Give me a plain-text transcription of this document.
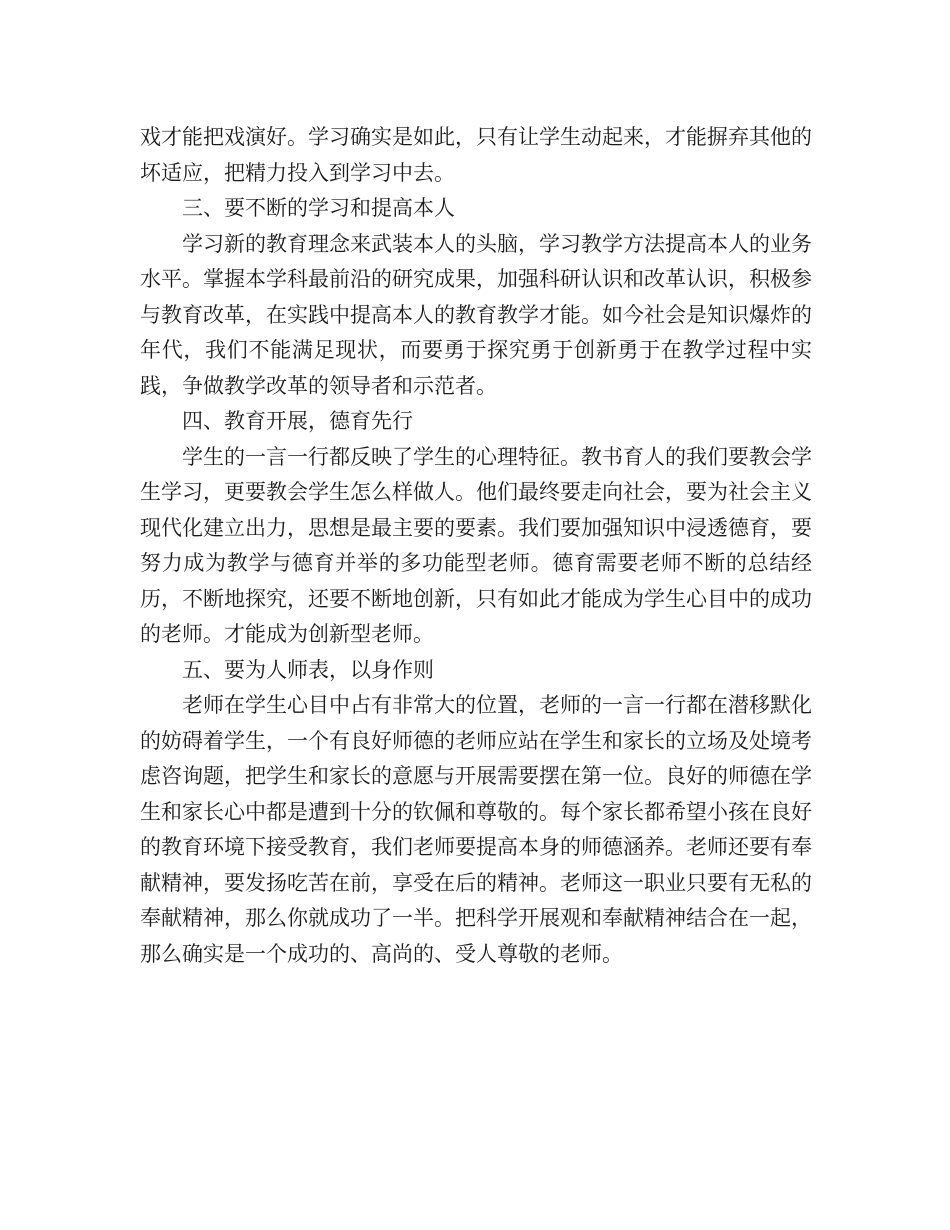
戏才能把戏演好。学习确实是如此，只有让学生动起来，才能摒弃其他的坏适应，把精力投入到学习中去。

三、要不断的学习和提高本人

学习新的教育理念来武装本人的头脑，学习教学方法提高本人的业务水平。掌握本学科最前沿的研究成果，加强科研认识和改革认识，积极参与教育改革，在实践中提高本人的教育教学才能。如今社会是知识爆炸的年代，我们不能满足现状，而要勇于探究勇于创新勇于在教学过程中实践，争做教学改革的领导者和示范者。

四、教育开展，德育先行

学生的一言一行都反映了学生的心理特征。教书育人的我们要教会学生学习，更要教会学生怎么样做人。他们最终要走向社会，要为社会主义现代化建立出力，思想是最主要的要素。我们要加强知识中浸透德育，要努力成为教学与德育并举的多功能型老师。德育需要老师不断的总结经历，不断地探究，还要不断地创新，只有如此才能成为学生心目中的成功的老师。才能成为创新型老师。

五、要为人师表，以身作则

老师在学生心目中占有非常大的位置，老师的一言一行都在潜移默化的妨碍着学生，一个有良好师德的老师应站在学生和家长的立场及处境考虑咨询题，把学生和家长的意愿与开展需要摆在第一位。良好的师德在学生和家长心中都是遭到十分的钦佩和尊敬的。每个家长都希望小孩在良好的教育环境下接受教育，我们老师要提高本身的师德涵养。老师还要有奉献精神，要发扬吃苦在前，享受在后的精神。老师这一职业只要有无私的奉献精神，那么你就成功了一半。把科学开展观和奉献精神结合在一起，那么确实是一个成功的、高尚的、受人尊敬的老师。
